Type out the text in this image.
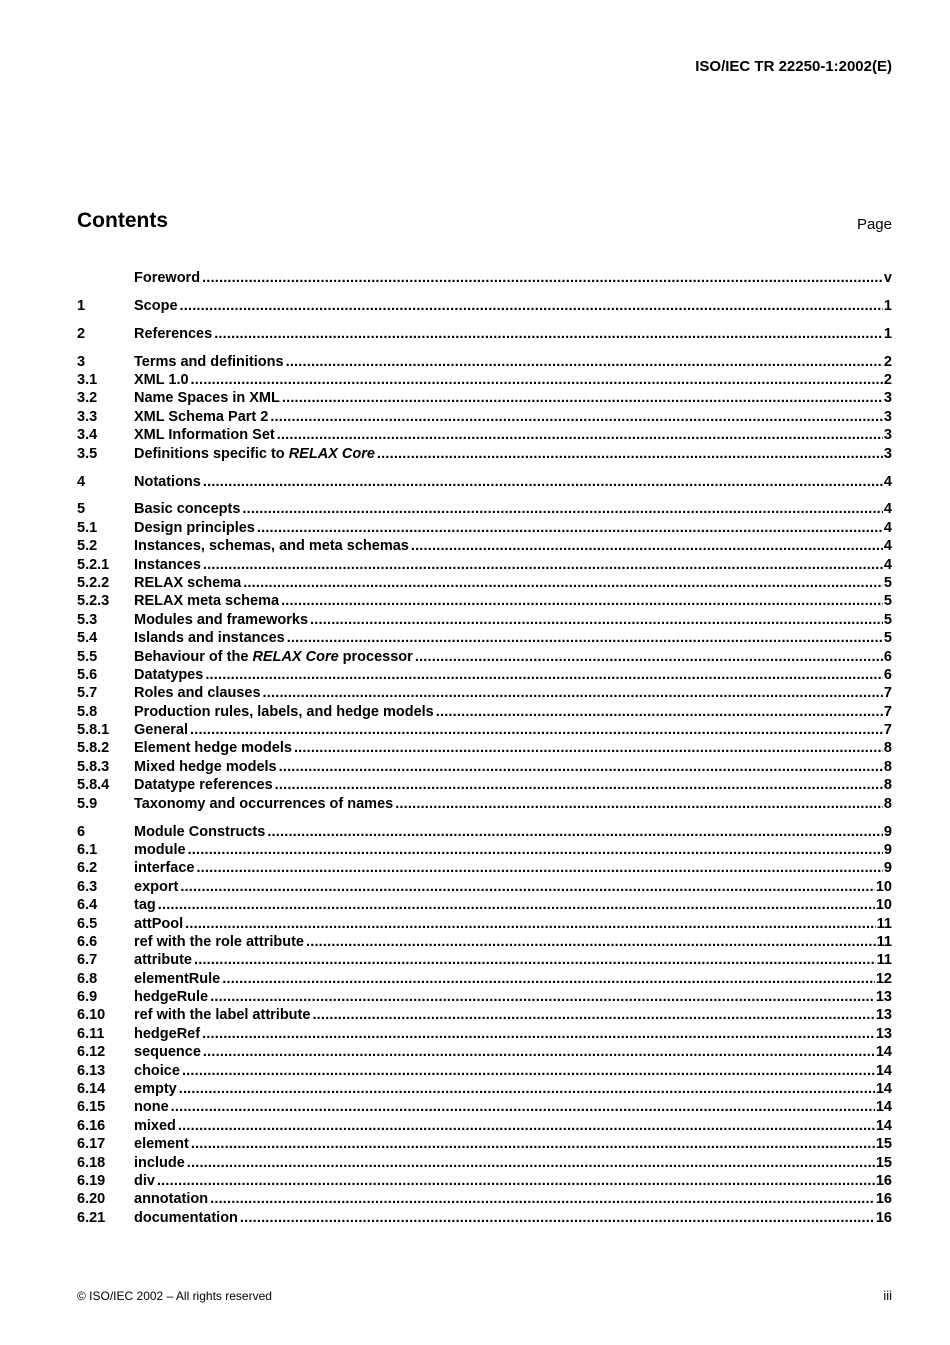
ISO/IEC TR 22250-1:2002(E)

Contents	Page
Foreword .....	v
1	Scope .....	1
2	References .....	1
3	Terms and definitions .....	2
3.1	XML 1.0 .....	2
3.2	Name Spaces in XML .....	3
3.3	XML Schema Part 2 .....	3
3.4	XML Information Set .....	3
3.5	Definitions specific to RELAX Core .....	3
4	Notations .....	4
5	Basic concepts .....	4
5.1	Design principles .....	4
5.2	Instances, schemas, and meta schemas .....	4
5.2.1	Instances .....	4
5.2.2	RELAX schema .....	5
5.2.3	RELAX meta schema .....	5
5.3	Modules and frameworks .....	5
5.4	Islands and instances .....	5
5.5	Behaviour of the RELAX Core processor .....	6
5.6	Datatypes .....	6
5.7	Roles and clauses .....	7
5.8	Production rules, labels, and hedge models .....	7
5.8.1	General .....	7
5.8.2	Element hedge models .....	8
5.8.3	Mixed hedge models .....	8
5.8.4	Datatype references .....	8
5.9	Taxonomy and occurrences of names .....	8
6	Module Constructs .....	9
6.1	module .....	9
6.2	interface .....	9
6.3	export .....	10
6.4	tag .....	10
6.5	attPool .....	11
6.6	ref with the role attribute .....	11
6.7	attribute .....	11
6.8	elementRule .....	12
6.9	hedgeRule .....	13
6.10	ref with the label attribute .....	13
6.11	hedgeRef .....	13
6.12	sequence .....	14
6.13	choice .....	14
6.14	empty .....	14
6.15	none .....	14
6.16	mixed .....	14
6.17	element .....	15
6.18	include .....	15
6.19	div .....	16
6.20	annotation .....	16
6.21	documentation .....	16
© ISO/IEC 2002 – All rights reserved	iii
